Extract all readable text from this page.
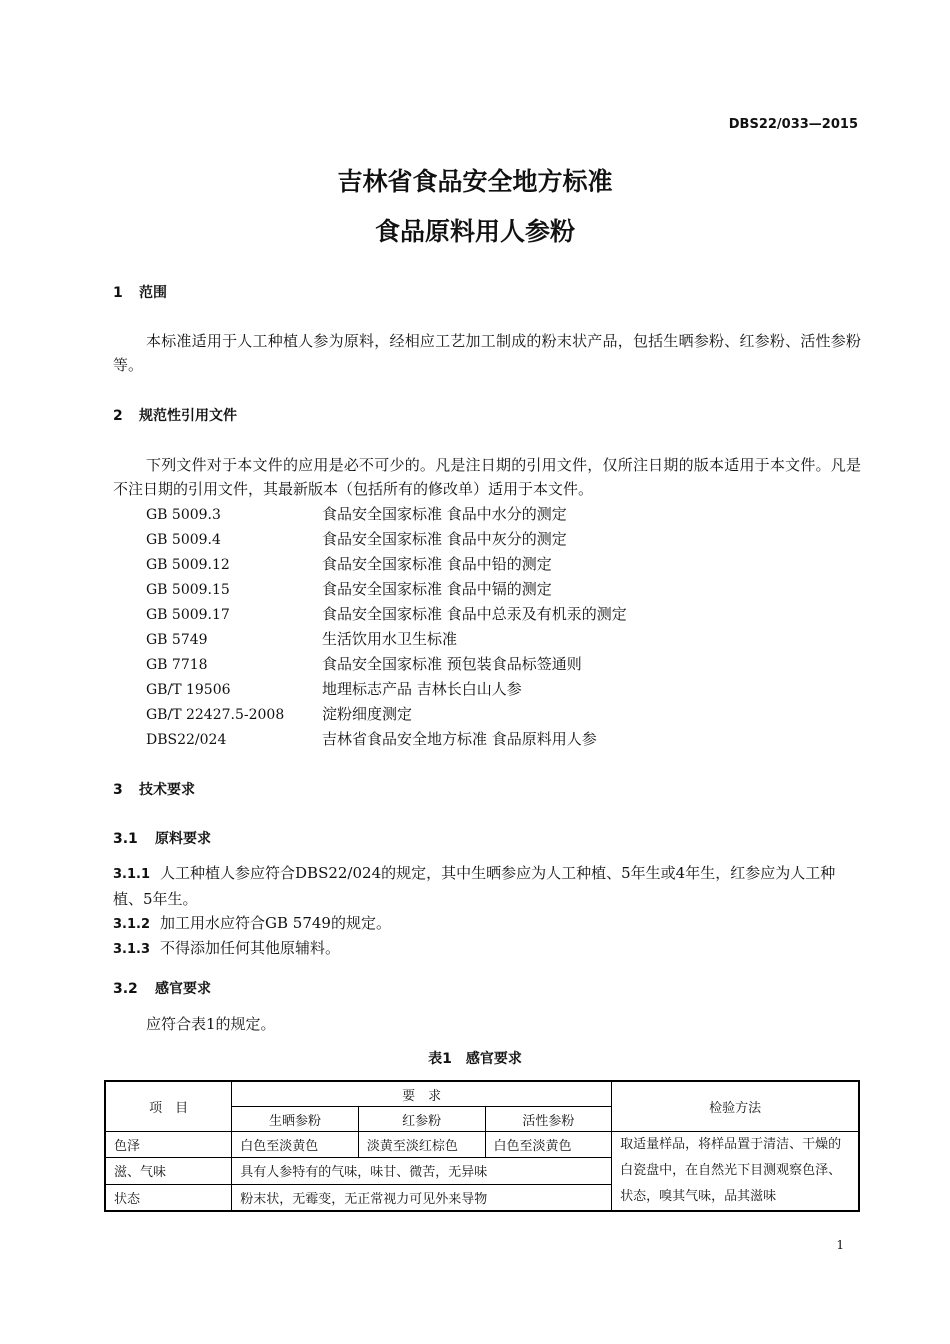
DBS22/033—2015
吉林省食品安全地方标准
食品原料用人参粉
1 范围
本标准适用于人工种植人参为原料，经相应工艺加工制成的粉末状产品，包括生晒参粉、红参粉、活性参粉等。
2 规范性引用文件
下列文件对于本文件的应用是必不可少的。凡是注日期的引用文件，仅所注日期的版本适用于本文件。凡是不注日期的引用文件，其最新版本（包括所有的修改单）适用于本文件。
GB 5009.3	食品安全国家标准 食品中水分的测定
GB 5009.4	食品安全国家标准 食品中灰分的测定
GB 5009.12	食品安全国家标准 食品中铅的测定
GB 5009.15	食品安全国家标准 食品中镉的测定
GB 5009.17	食品安全国家标准 食品中总汞及有机汞的测定
GB 5749	生活饮用水卫生标准
GB 7718	食品安全国家标准 预包装食品标签通则
GB/T 19506	地理标志产品 吉林长白山人参
GB/T 22427.5-2008	淀粉细度测定
DBS22/024	吉林省食品安全地方标准 食品原料用人参
3 技术要求
3.1 原料要求
3.1.1 人工种植人参应符合DBS22/024的规定，其中生晒参应为人工种植、5年生或4年生，红参应为人工种植、5年生。
3.1.2 加工用水应符合GB 5749的规定。
3.1.3 不得添加任何其他原辅料。
3.2 感官要求
应符合表1的规定。
表1　感官要求
项　目	要　求			检验方法
	生晒参粉	红参粉	活性参粉	
色泽	白色至淡黄色	淡黄至淡红棕色	白色至淡黄色	取适量样品，将样品置于清洁、干燥的白瓷盘中，在自然光下目测观察色泽、状态，嗅其气味，品其滋味
滋、气味	具有人参特有的气味，味甘、微苦，无异味			
状态	粉末状，无霉变，无正常视力可见外来导物			
1
